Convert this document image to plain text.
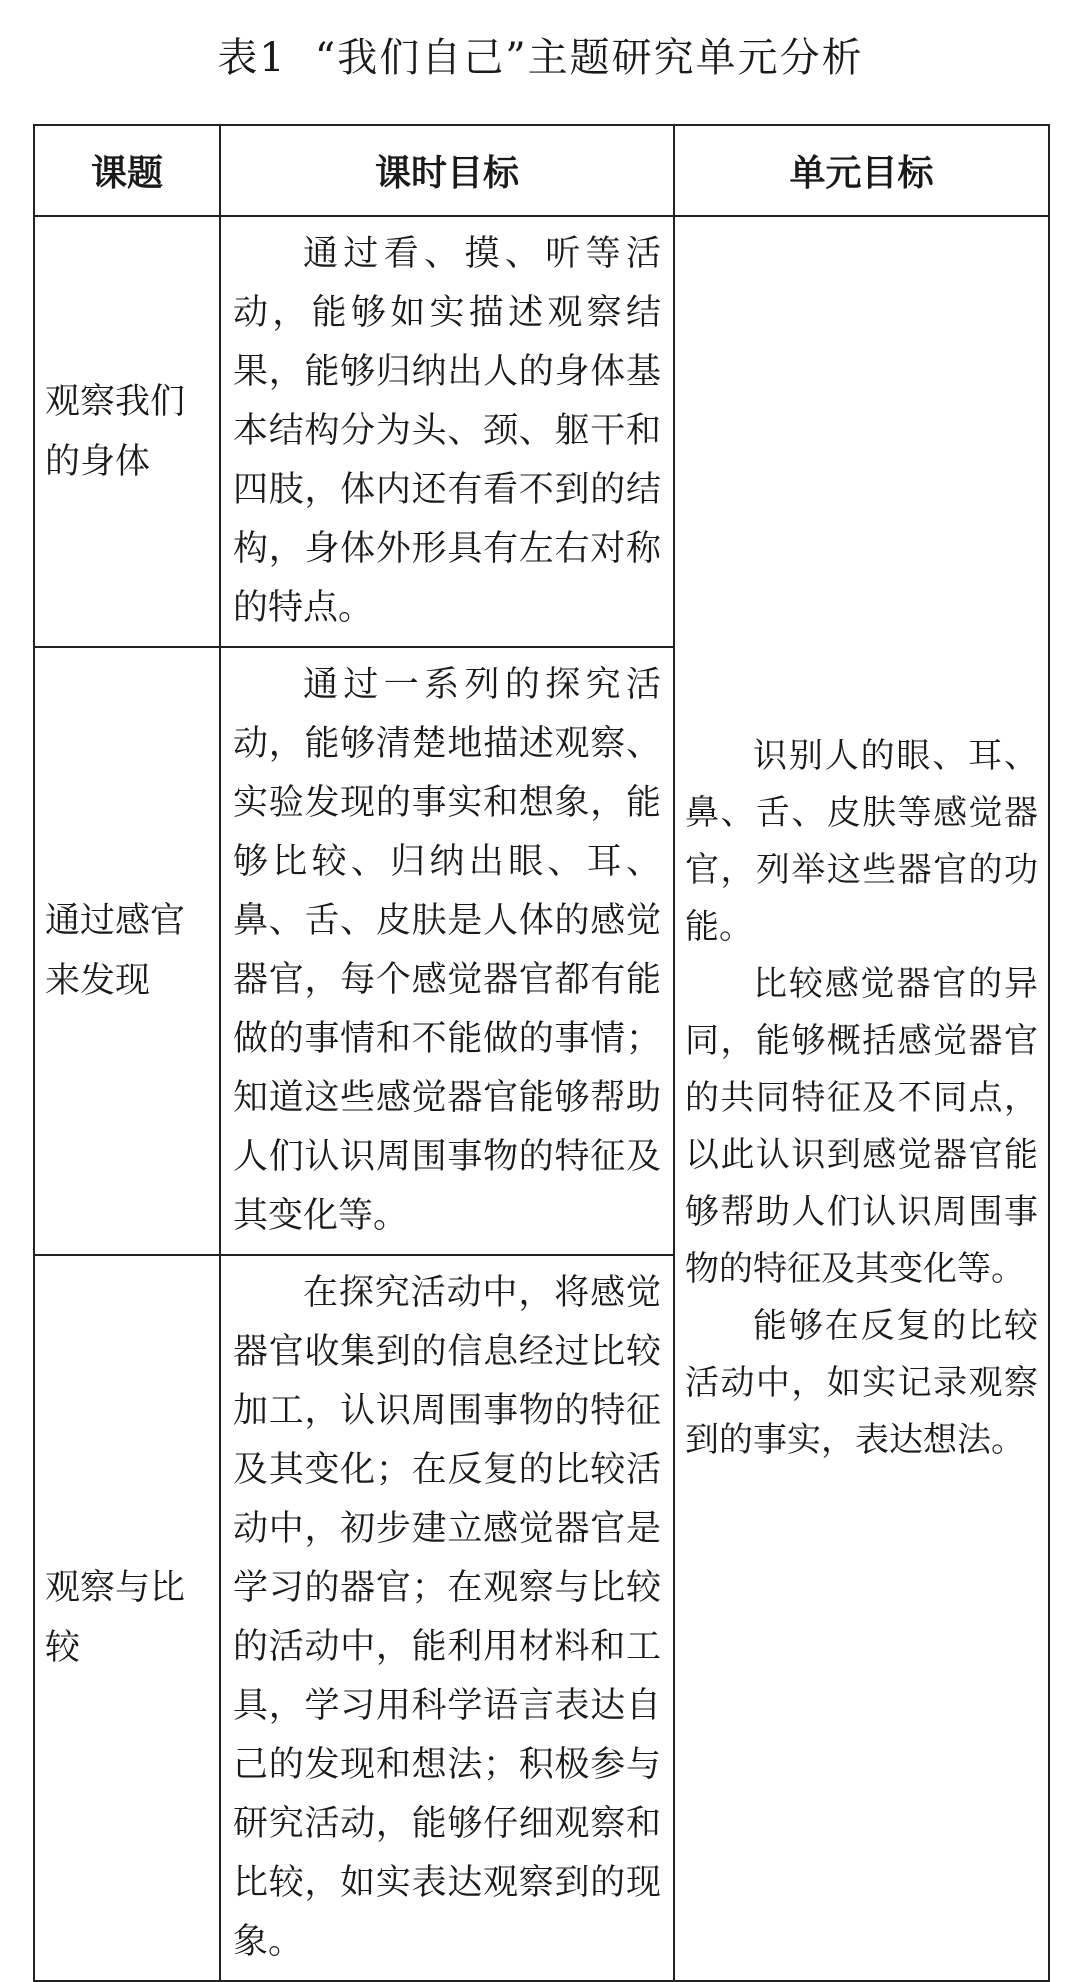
表1 “我们自己”主题研究单元分析
课题	课时目标	单元目标
观察我们的身体	通过看、摸、听等活动，能够如实描述观察结果，能够归纳出人的身体基本结构分为头、颈、躯干和四肢，体内还有看不到的结构，身体外形具有左右对称的特点。	识别人的眼、耳、鼻、舌、皮肤等感觉器官，列举这些器官的功能。

比较感觉器官的异同，能够概括感觉器官的共同特征及不同点，以此认识到感觉器官能够帮助人们认识周围事物的特征及其变化等。

能够在反复的比较活动中，如实记录观察到的事实，表达想法。

通过感官来发现	通过一系列的探究活动，能够清楚地描述观察、实验发现的事实和想象，能够比较、归纳出眼、耳、鼻、舌、皮肤是人体的感觉器官，每个感觉器官都有能做的事情和不能做的事情；知道这些感觉器官能够帮助人们认识周围事物的特征及其变化等。	

观察与比较	在探究活动中，将感觉器官收集到的信息经过比较加工，认识周围事物的特征及其变化；在反复的比较活动中，初步建立感觉器官是学习的器官；在观察与比较的活动中，能利用材料和工具，学习用科学语言表达自己的发现和想法；积极参与研究活动，能够仔细观察和比较，如实表达观察到的现象。	
